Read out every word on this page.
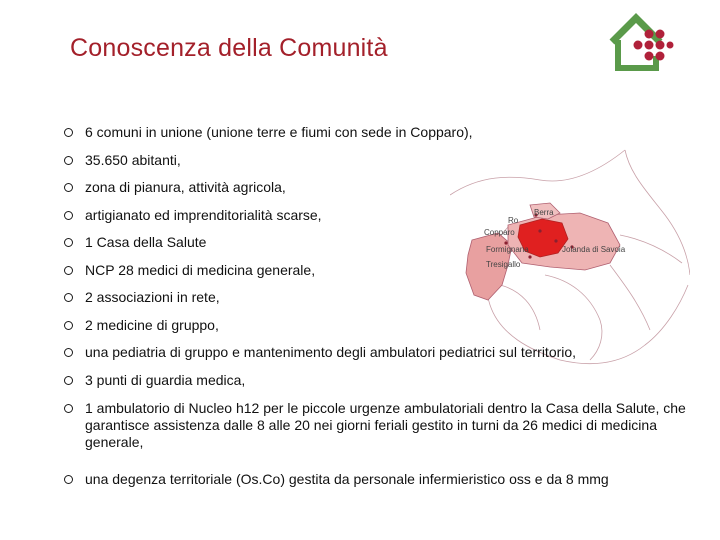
Conoscenza della Comunità
Berra
Ro
Copparo
Formignana	Jolanda di Savoia
Tresigallo
6 comuni in unione (unione terre e fiumi con sede in Copparo),
35.650 abitanti,
zona di pianura, attività agricola,
artigianato ed imprenditorialità scarse,
1 Casa della Salute
NCP 28 medici di medicina generale,
2 associazioni in rete,
2 medicine di gruppo,
una pediatria di gruppo e mantenimento degli ambulatori pediatrici sul territorio,
3 punti di guardia medica,
1 ambulatorio di Nucleo h12 per le piccole urgenze ambulatoriali dentro la Casa della Salute, che garantisce assistenza dalle 8 alle 20 nei giorni feriali gestito in turni da 26 medici di medicina generale,
una degenza territoriale (Os.Co) gestita da personale infermieristico oss e da 8 mmg
